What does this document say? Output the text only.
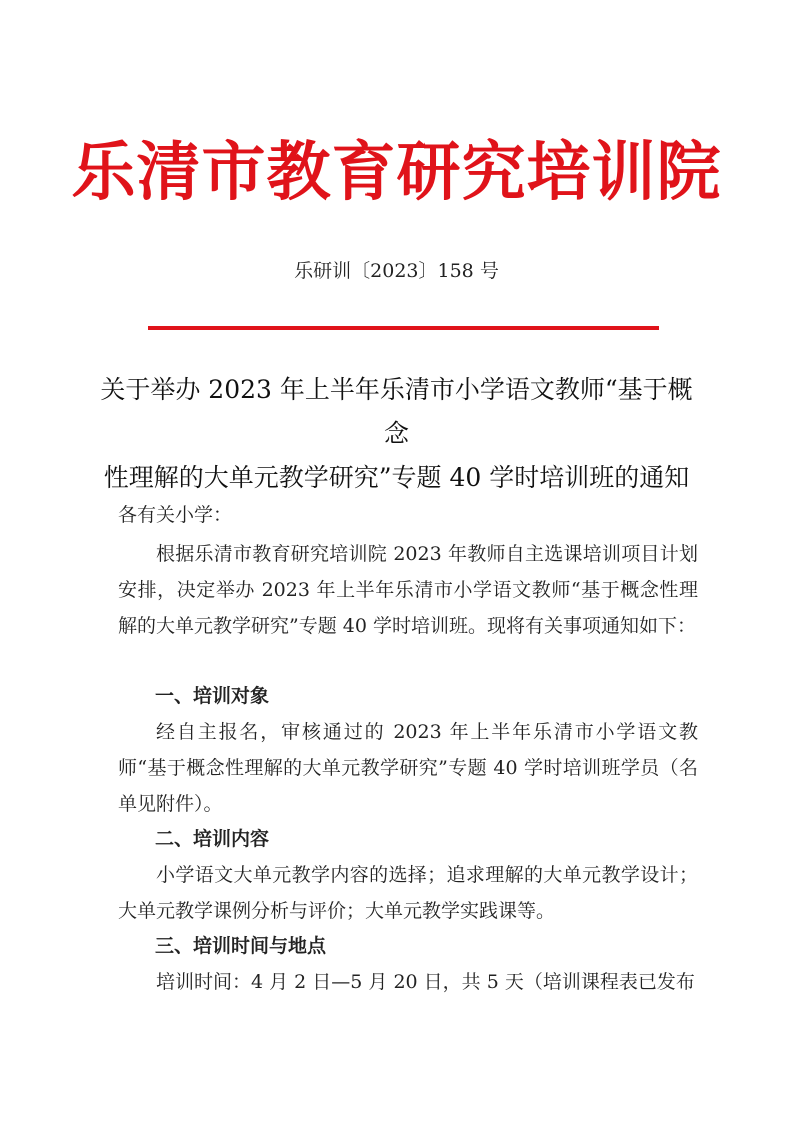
乐清市教育研究培训院
乐研训〔2023〕158 号
关于举办 2023 年上半年乐清市小学语文教师“基于概念
性理解的大单元教学研究”专题 40 学时培训班的通知
各有关小学：
根据乐清市教育研究培训院 2023 年教师自主选课培训项目计划安排，决定举办 2023 年上半年乐清市小学语文教师“基于概念性理解的大单元教学研究”专题 40 学时培训班。现将有关事项通知如下：
一、培训对象
经自主报名，审核通过的 2023 年上半年乐清市小学语文教师“基于概念性理解的大单元教学研究”专题 40 学时培训班学员（名单见附件）。
二、培训内容
小学语文大单元教学内容的选择；追求理解的大单元教学设计；大单元教学课例分析与评价；大单元教学实践课等。
三、培训时间与地点
培训时间：4 月 2 日—5 月 20 日，共 5 天（培训课程表已发布
